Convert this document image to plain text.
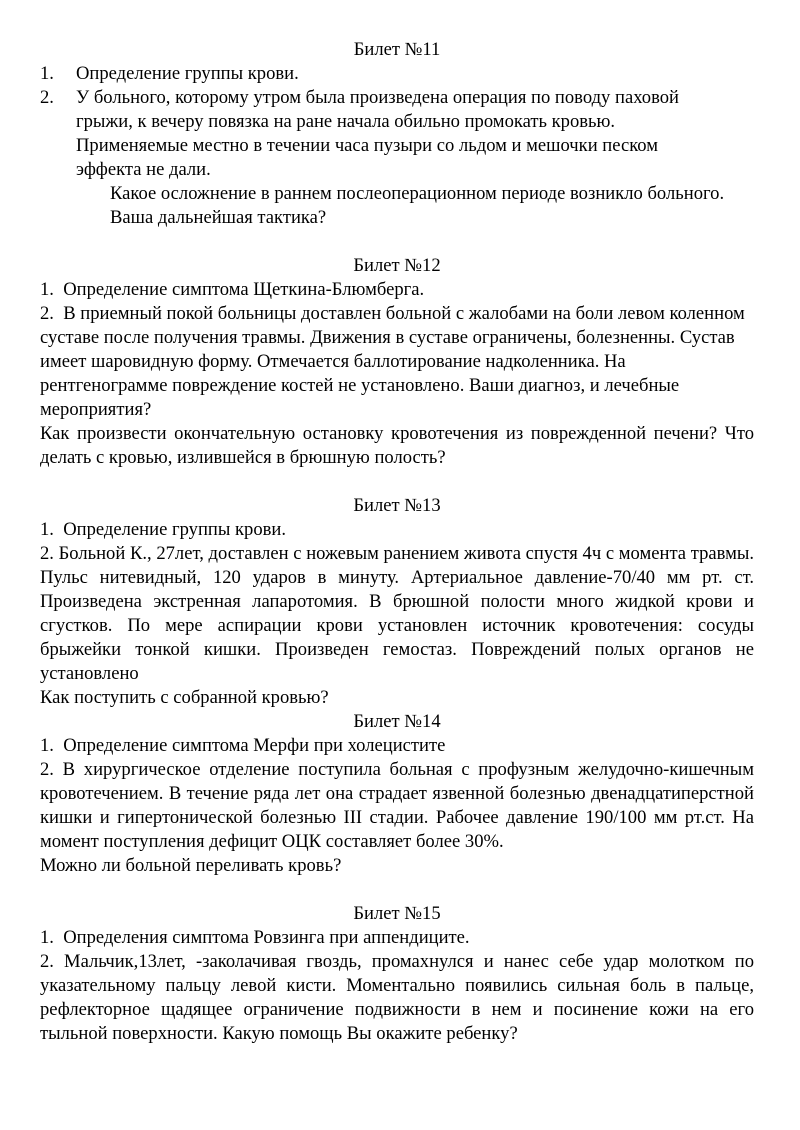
Билет №11

1.	Определение группы крови.
2.	У больного, которому утром была произведена операция по поводу паховой грыжи, к вечеру повязка на ране начала обильно промокать кровью. Применяемые местно в течении часа пузыри со льдом и мешочки песком эффекта не дали.

Какое осложнение в раннем послеоперационном периоде возникло больного. Ваша дальнейшая тактика?

Билет №12

1.  Определение симптома Щеткина-Блюмберга.

2.  В приемный покой больницы доставлен больной с жалобами на боли левом коленном суставе после получения травмы. Движения в суставе ограничены, болезненны. Сустав имеет шаровидную форму. Отмечается баллотирование надколенника. На рентгенограмме повреждение костей не установлено. Ваши диагноз, и лечебные мероприятия?

Как произвести окончательную остановку кровотечения из поврежденной печени? Что делать с кровью, излившейся в брюшную полость?

Билет №13

1.  Определение группы крови.

2. Больной К., 27лет, доставлен с ножевым ранением живота спустя 4ч с момента травмы. Пульс нитевидный, 120 ударов в минуту. Артериальное давление-70/40 мм рт. ст. Произведена экстренная лапаротомия. В брюшной полости много жидкой крови и сгустков. По мере аспирации крови установлен источник кровотечения: сосуды брыжейки тонкой кишки. Произведен гемостаз. Повреждений полых органов не установлено

Как поступить с собранной кровью?

Билет №14

1.  Определение симптома Мерфи при холецистите

2. В хирургическое отделение поступила больная с профузным желудочно-кишечным кровотечением. В течение ряда лет она страдает язвенной болезнью двенадцатиперстной кишки и гипертонической болезнью III стадии. Рабочее давление 190/100 мм рт.ст. На момент поступления дефицит ОЦК составляет более 30%.

Можно ли больной переливать кровь?

Билет №15

1.  Определения симптома Ровзинга при аппендиците.

2. Мальчик,13лет, -заколачивая гвоздь, промахнулся и нанес себе удар молотком по указательному пальцу левой кисти. Моментально появились сильная боль в пальце, рефлекторное щадящее ограничение подвижности в нем и посинение кожи на его тыльной поверхности. Какую помощь Вы окажите ребенку?
